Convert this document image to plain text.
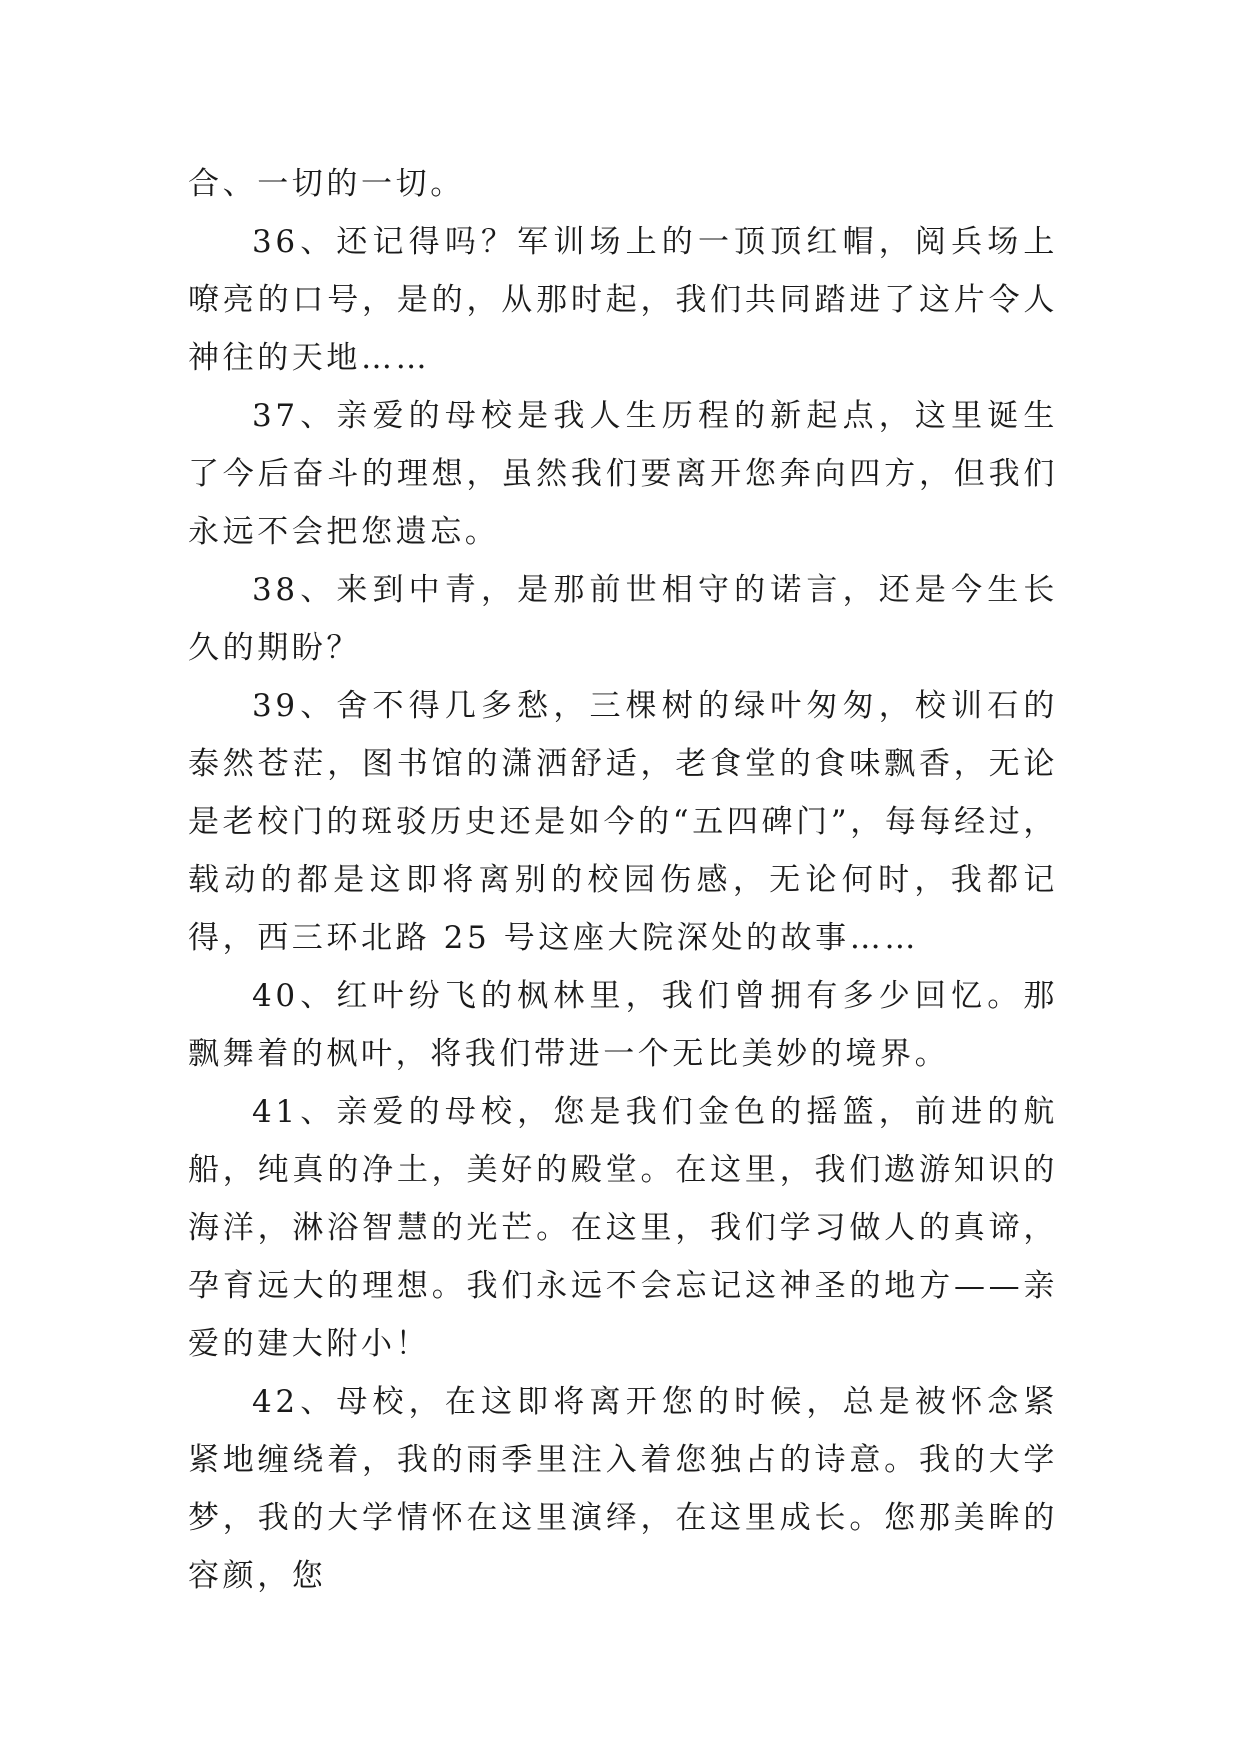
合、一切的一切。

36、还记得吗？军训场上的一顶顶红帽，阅兵场上嘹亮的口号，是的，从那时起，我们共同踏进了这片令人神往的天地……

37、亲爱的母校是我人生历程的新起点，这里诞生了今后奋斗的理想，虽然我们要离开您奔向四方，但我们永远不会把您遗忘。

38、来到中青，是那前世相守的诺言，还是今生长久的期盼？

39、舍不得几多愁，三棵树的绿叶匆匆，校训石的泰然苍茫，图书馆的潇洒舒适，老食堂的食味飘香，无论是老校门的斑驳历史还是如今的“五四碑门”，每每经过，载动的都是这即将离别的校园伤感，无论何时，我都记得，西三环北路 25 号这座大院深处的故事……

40、红叶纷飞的枫林里，我们曾拥有多少回忆。那飘舞着的枫叶，将我们带进一个无比美妙的境界。

41、亲爱的母校，您是我们金色的摇篮，前进的航船，纯真的净土，美好的殿堂。在这里，我们遨游知识的海洋，淋浴智慧的光芒。在这里，我们学习做人的真谛，孕育远大的理想。我们永远不会忘记这神圣的地方——亲爱的建大附小！

42、母校，在这即将离开您的时候，总是被怀念紧紧地缠绕着，我的雨季里注入着您独占的诗意。我的大学梦，我的大学情怀在这里演绎，在这里成长。您那美眸的容颜，您
